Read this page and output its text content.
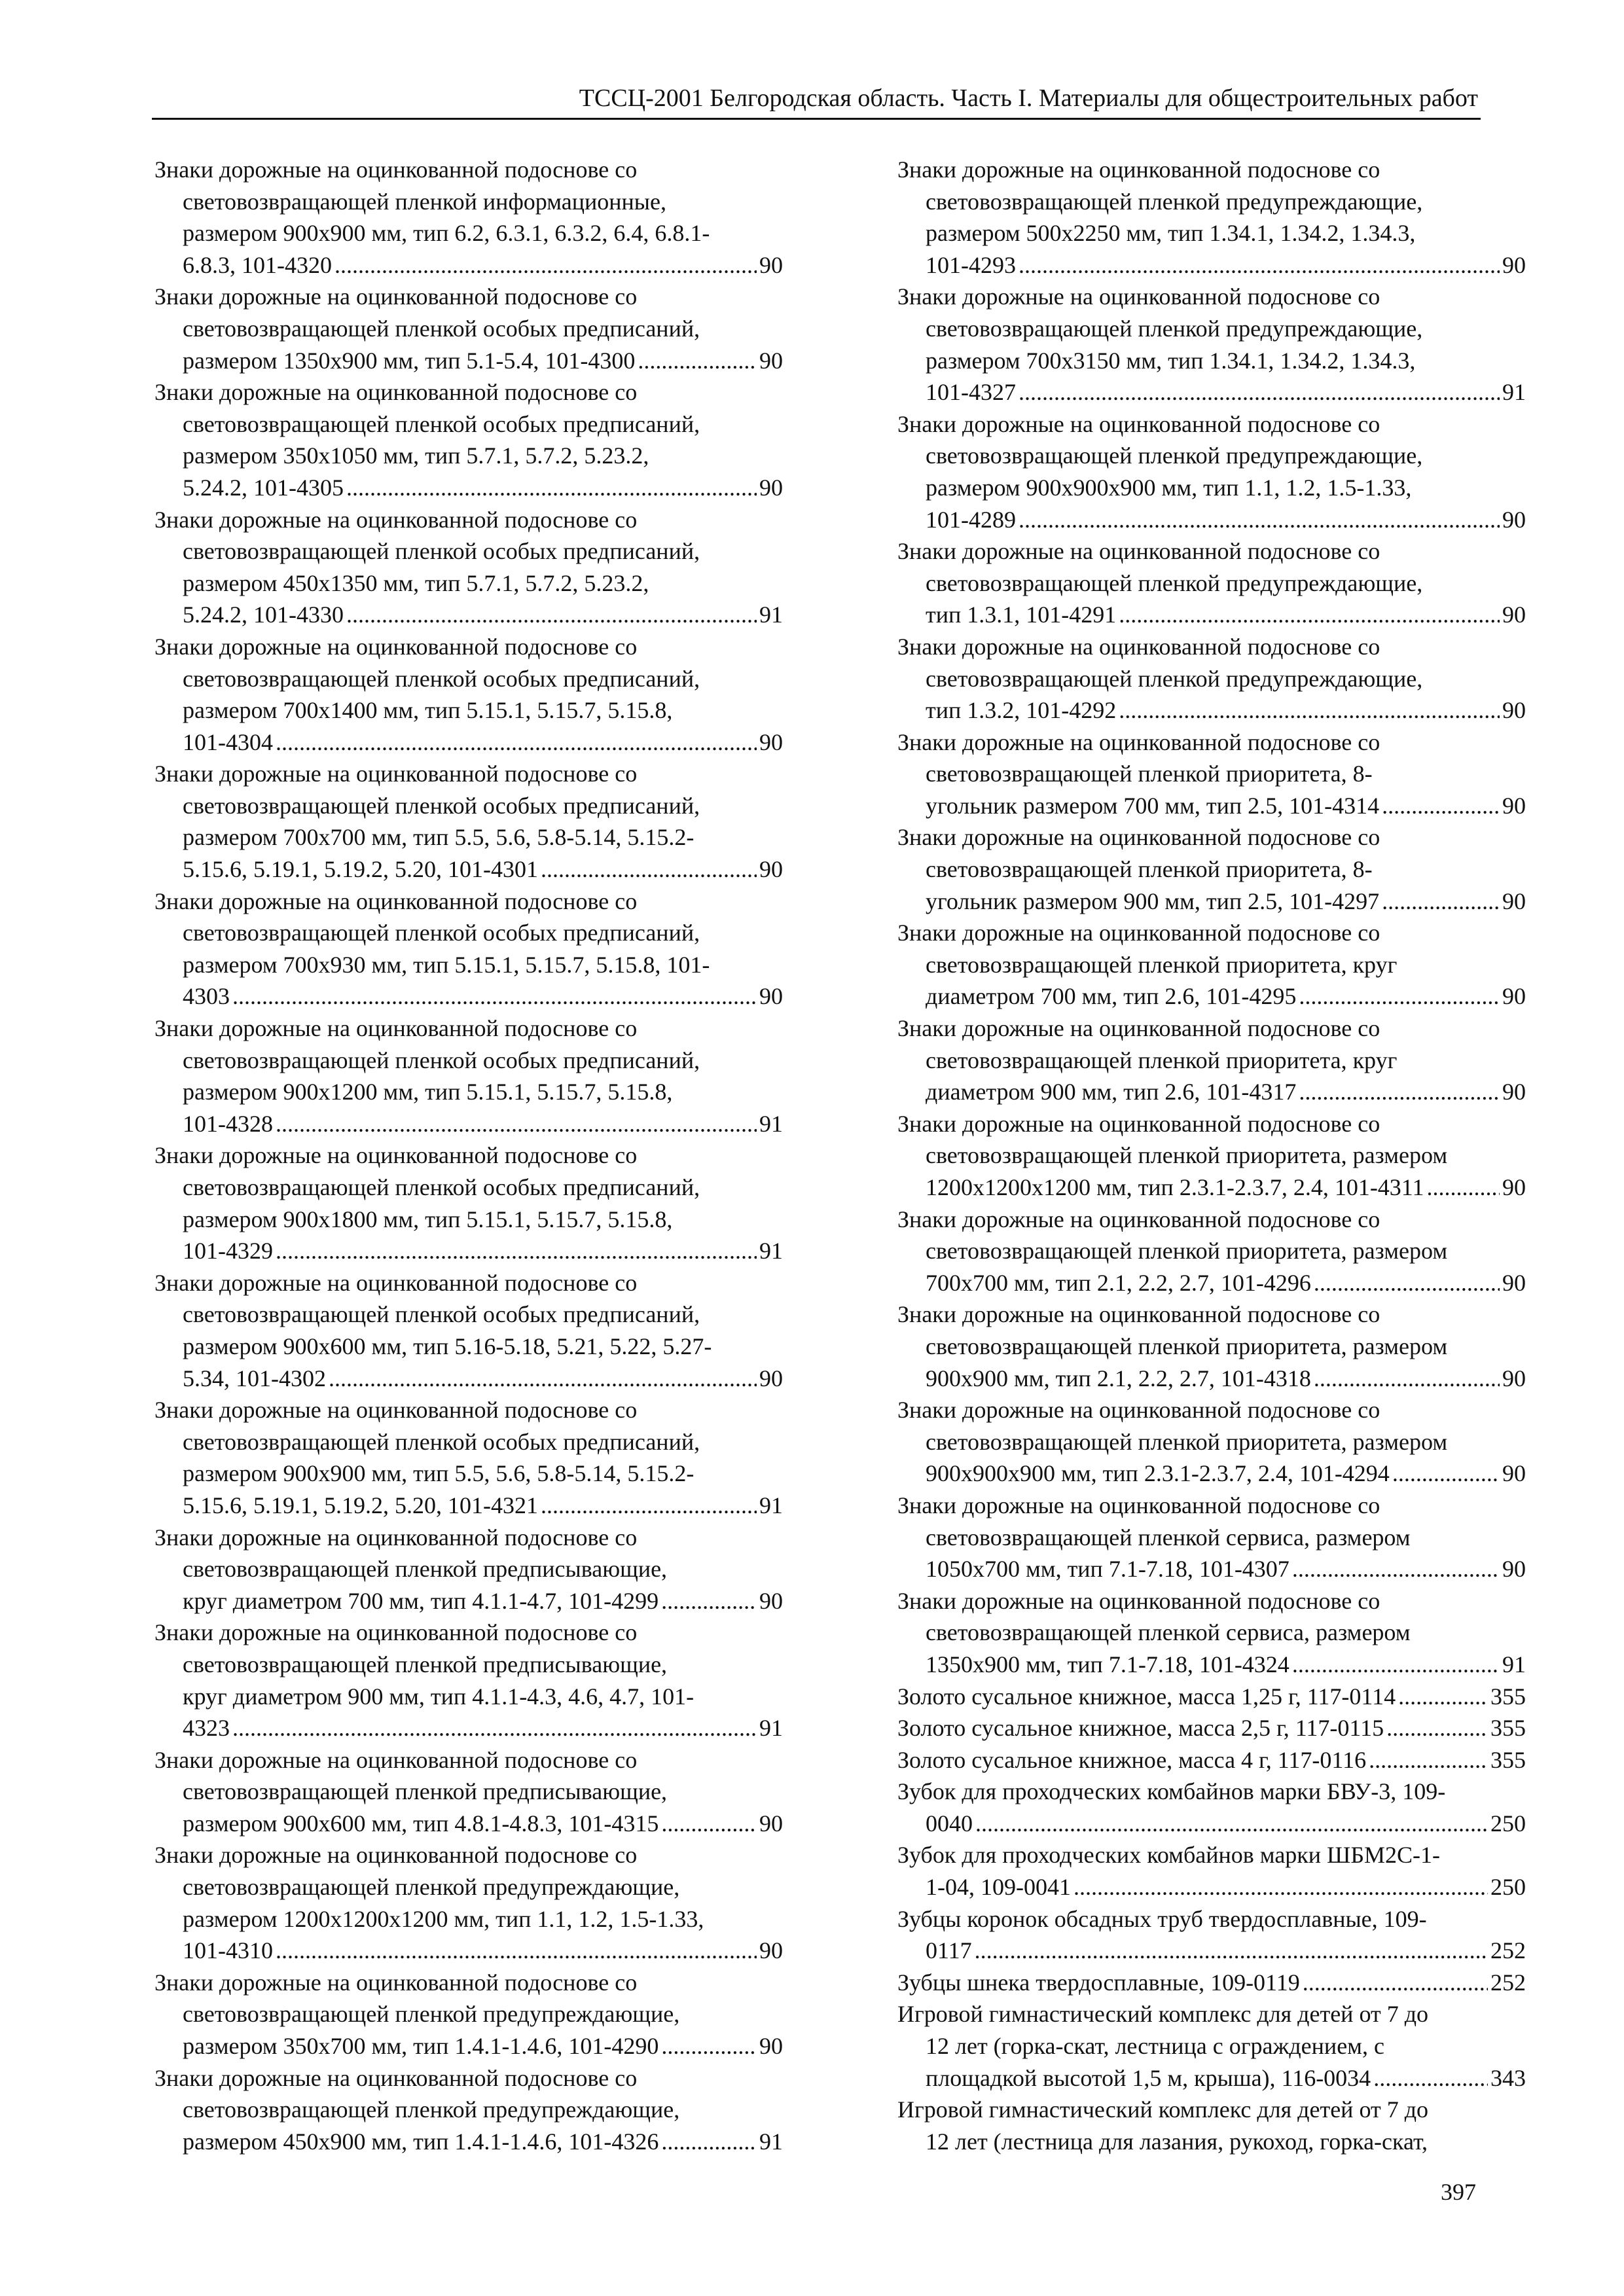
ТССЦ-2001 Белгородская область. Часть I. Материалы для общестроительных работ
Знаки дорожные на оцинкованной подоснове со
световозвращающей пленкой информационные,
размером 900х900 мм, тип 6.2, 6.3.1, 6.3.2, 6.4, 6.8.1-
6.8.3, 101-4320 .....	90
Знаки дорожные на оцинкованной подоснове со
световозвращающей пленкой особых предписаний,
размером 1350х900 мм, тип 5.1-5.4, 101-4300 .....	90
Знаки дорожные на оцинкованной подоснове со
световозвращающей пленкой особых предписаний,
размером 350х1050 мм, тип 5.7.1, 5.7.2, 5.23.2,
5.24.2, 101-4305 .....	90
Знаки дорожные на оцинкованной подоснове со
световозвращающей пленкой особых предписаний,
размером 450х1350 мм, тип 5.7.1, 5.7.2, 5.23.2,
5.24.2, 101-4330 .....	91
Знаки дорожные на оцинкованной подоснове со
световозвращающей пленкой особых предписаний,
размером 700х1400 мм, тип 5.15.1, 5.15.7, 5.15.8,
101-4304 .....	90
Знаки дорожные на оцинкованной подоснове со
световозвращающей пленкой особых предписаний,
размером 700х700 мм, тип 5.5, 5.6, 5.8-5.14, 5.15.2-
5.15.6, 5.19.1, 5.19.2, 5.20, 101-4301 .....	90
Знаки дорожные на оцинкованной подоснове со
световозвращающей пленкой особых предписаний,
размером 700х930 мм, тип 5.15.1, 5.15.7, 5.15.8, 101-
4303 .....	90
Знаки дорожные на оцинкованной подоснове со
световозвращающей пленкой особых предписаний,
размером 900х1200 мм, тип 5.15.1, 5.15.7, 5.15.8,
101-4328 .....	91
Знаки дорожные на оцинкованной подоснове со
световозвращающей пленкой особых предписаний,
размером 900х1800 мм, тип 5.15.1, 5.15.7, 5.15.8,
101-4329 .....	91
Знаки дорожные на оцинкованной подоснове со
световозвращающей пленкой особых предписаний,
размером 900х600 мм, тип 5.16-5.18, 5.21, 5.22, 5.27-
5.34, 101-4302 .....	90
Знаки дорожные на оцинкованной подоснове со
световозвращающей пленкой особых предписаний,
размером 900х900 мм, тип 5.5, 5.6, 5.8-5.14, 5.15.2-
5.15.6, 5.19.1, 5.19.2, 5.20, 101-4321 .....	91
Знаки дорожные на оцинкованной подоснове со
световозвращающей пленкой предписывающие,
круг диаметром 700 мм, тип 4.1.1-4.7, 101-4299 .....	90
Знаки дорожные на оцинкованной подоснове со
световозвращающей пленкой предписывающие,
круг диаметром 900 мм, тип 4.1.1-4.3, 4.6, 4.7, 101-
4323 .....	91
Знаки дорожные на оцинкованной подоснове со
световозвращающей пленкой предписывающие,
размером 900х600 мм, тип 4.8.1-4.8.3, 101-4315 .....	90
Знаки дорожные на оцинкованной подоснове со
световозвращающей пленкой предупреждающие,
размером 1200х1200х1200 мм, тип 1.1, 1.2, 1.5-1.33,
101-4310 .....	90
Знаки дорожные на оцинкованной подоснове со
световозвращающей пленкой предупреждающие,
размером 350х700 мм, тип 1.4.1-1.4.6, 101-4290 .....	90
Знаки дорожные на оцинкованной подоснове со
световозвращающей пленкой предупреждающие,
размером 450х900 мм, тип 1.4.1-1.4.6, 101-4326 .....	91
Знаки дорожные на оцинкованной подоснове со
световозвращающей пленкой предупреждающие,
размером 500х2250 мм, тип 1.34.1, 1.34.2, 1.34.3,
101-4293 .....	90
Знаки дорожные на оцинкованной подоснове со
световозвращающей пленкой предупреждающие,
размером 700х3150 мм, тип 1.34.1, 1.34.2, 1.34.3,
101-4327 .....	91
Знаки дорожные на оцинкованной подоснове со
световозвращающей пленкой предупреждающие,
размером 900х900х900 мм, тип 1.1, 1.2, 1.5-1.33,
101-4289 .....	90
Знаки дорожные на оцинкованной подоснове со
световозвращающей пленкой предупреждающие,
тип 1.3.1, 101-4291 .....	90
Знаки дорожные на оцинкованной подоснове со
световозвращающей пленкой предупреждающие,
тип 1.3.2, 101-4292 .....	90
Знаки дорожные на оцинкованной подоснове со
световозвращающей пленкой приоритета, 8-
угольник размером 700 мм, тип 2.5, 101-4314 .....	90
Знаки дорожные на оцинкованной подоснове со
световозвращающей пленкой приоритета, 8-
угольник размером 900 мм, тип 2.5, 101-4297 .....	90
Знаки дорожные на оцинкованной подоснове со
световозвращающей пленкой приоритета, круг
диаметром 700 мм, тип 2.6, 101-4295 .....	90
Знаки дорожные на оцинкованной подоснове со
световозвращающей пленкой приоритета, круг
диаметром 900 мм, тип 2.6, 101-4317 .....	90
Знаки дорожные на оцинкованной подоснове со
световозвращающей пленкой приоритета, размером
1200х1200х1200 мм, тип 2.3.1-2.3.7, 2.4, 101-4311 .....	90
Знаки дорожные на оцинкованной подоснове со
световозвращающей пленкой приоритета, размером
700х700 мм, тип 2.1, 2.2, 2.7, 101-4296 .....	90
Знаки дорожные на оцинкованной подоснове со
световозвращающей пленкой приоритета, размером
900х900 мм, тип 2.1, 2.2, 2.7, 101-4318 .....	90
Знаки дорожные на оцинкованной подоснове со
световозвращающей пленкой приоритета, размером
900х900х900 мм, тип 2.3.1-2.3.7, 2.4, 101-4294 .....	90
Знаки дорожные на оцинкованной подоснове со
световозвращающей пленкой сервиса, размером
1050х700 мм, тип 7.1-7.18, 101-4307 .....	90
Знаки дорожные на оцинкованной подоснове со
световозвращающей пленкой сервиса, размером
1350х900 мм, тип 7.1-7.18, 101-4324 .....	91
Золото сусальное книжное, масса 1,25 г, 117-0114 .....	355
Золото сусальное книжное, масса 2,5 г, 117-0115 .....	355
Золото сусальное книжное, масса 4 г, 117-0116 .....	355
Зубок для проходческих комбайнов марки БВУ-3, 109-
0040 .....	250
Зубок для проходческих комбайнов марки ШБМ2С-1-
1-04, 109-0041 .....	250
Зубцы коронок обсадных труб твердосплавные, 109-
0117 .....	252
Зубцы шнека твердосплавные, 109-0119 .....	252
Игровой гимнастический комплекс для детей от 7 до
12 лет (горка-скат, лестница с ограждением, с
площадкой высотой 1,5 м, крыша), 116-0034 .....	343
Игровой гимнастический комплекс для детей от 7 до
12 лет (лестница для лазания, рукоход, горка-скат,
397
